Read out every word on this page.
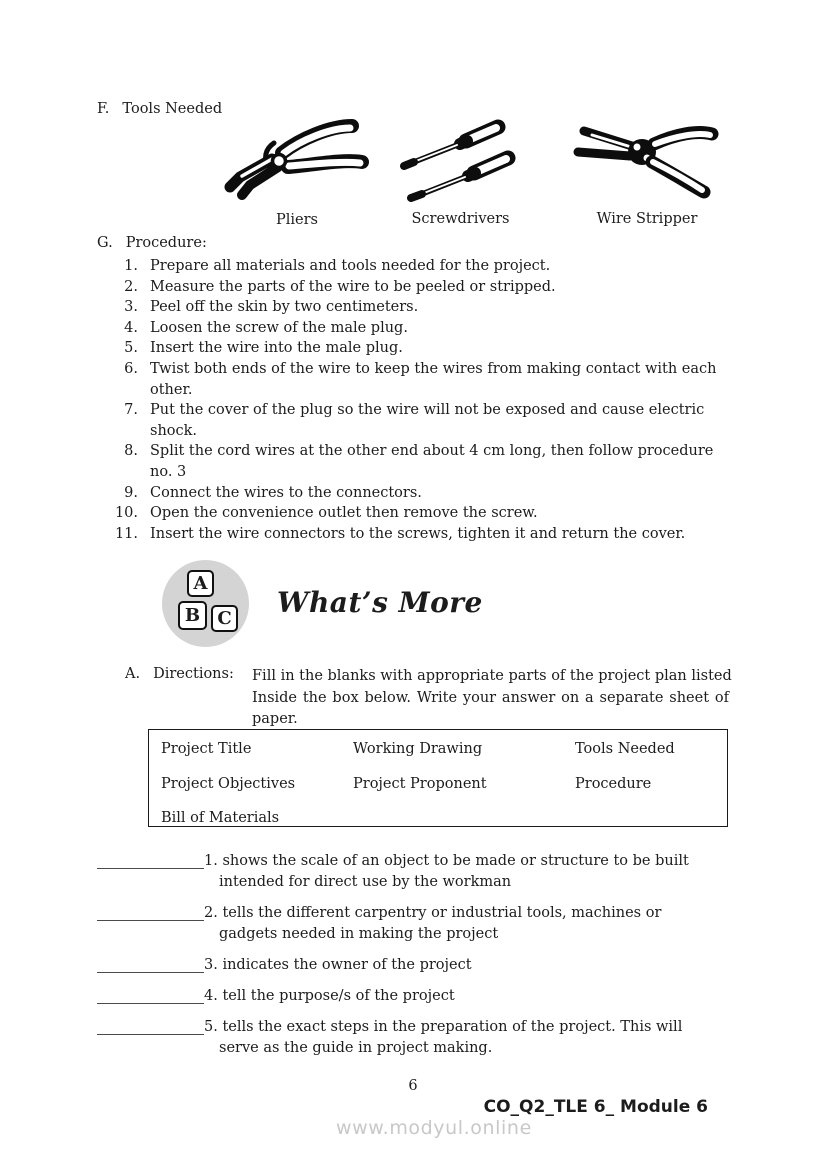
F. Tools Needed
Pliers	Screwdrivers	Wire Stripper
G. Procedure:
1. Prepare all materials and tools needed for the project.
2. Measure the parts of the wire to be peeled or stripped.
3. Peel off the skin by two centimeters.
4. Loosen the screw of the male plug.
5. Insert the wire into the male plug.
6. Twist both ends of the wire to keep the wires from making contact with each
other.
7. Put the cover of the plug so the wire will not be exposed and cause electric
shock.
8. Split the cord wires at the other end about 4 cm long, then follow procedure
no. 3
9. Connect the wires to the connectors.
10. Open the convenience outlet then remove the screw.
11. Insert the wire connectors to the screws, tighten it and return the cover.
A
B C What’s More
A. Directions: Fill in the blanks with appropriate parts of the project plan listed
Inside the box below. Write your answer on a separate sheet of
paper.
Project Title	Working Drawing	Tools Needed
Project Objectives	Project Proponent	Procedure
Bill of Materials
1. shows the scale of an object to be made or structure to be built
intended for direct use by the workman
2. tells the different carpentry or industrial tools, machines or
gadgets needed in making the project
3. indicates the owner of the project
4. tell the purpose/s of the project
5. tells the exact steps in the preparation of the project. This will
serve as the guide in project making.
6
CO_Q2_TLE 6_ Module 6
www.modyul.online
